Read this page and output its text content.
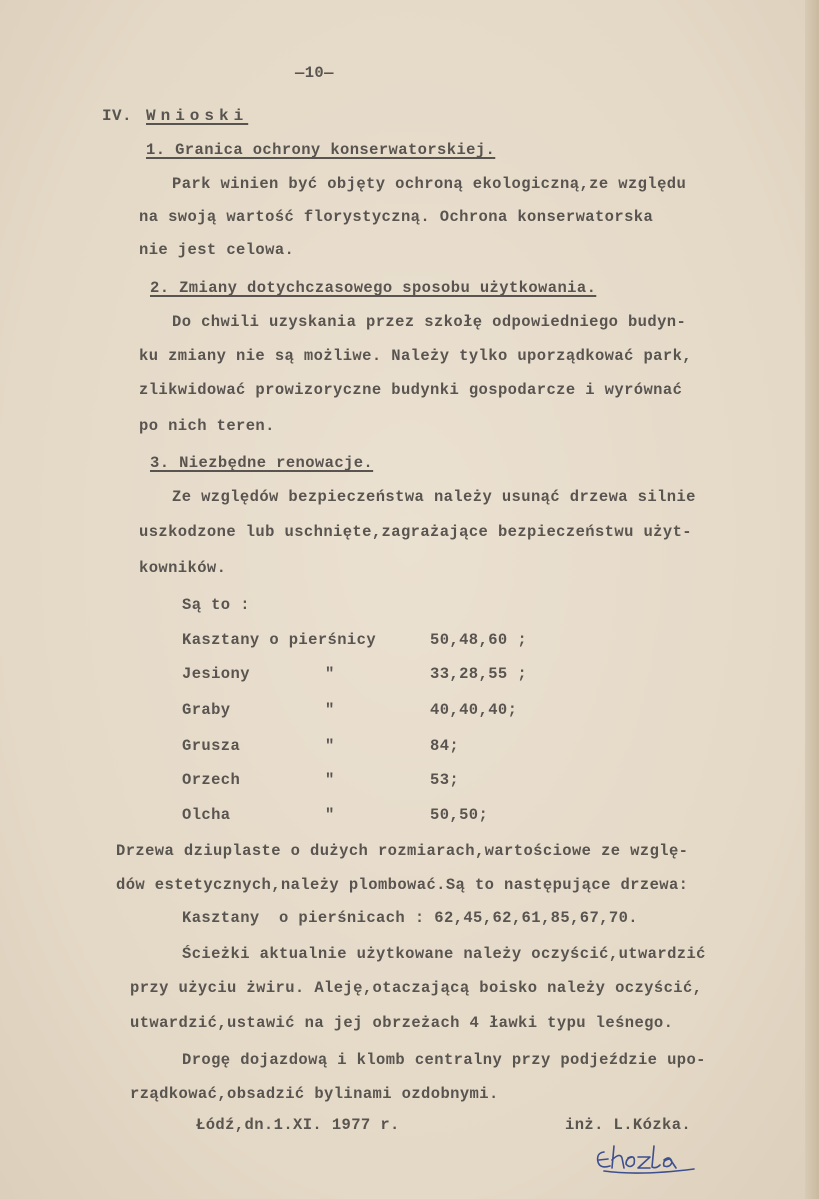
—10—
IV. Wnioski
1. Granica ochrony konserwatorskiej.
Park winien być objęty ochroną ekologiczną,ze względu
na swoją wartość florystyczną. Ochrona konserwatorska
nie jest celowa.
2. Zmiany dotychczasowego sposobu użytkowania.
Do chwili uzyskania przez szkołę odpowiedniego budyn-
ku zmiany nie są możliwe. Należy tylko uporządkować park,
zlikwidować prowizoryczne budynki gospodarcze i wyrównać
po nich teren.
3. Niezbędne renowacje.
Ze względów bezpieczeństwa należy usunąć drzewa silnie
uszkodzone lub uschnięte,zagrażające bezpieczeństwu użyt-
kowników.
Są to :
Kasztany o pierśnicy	50,48,60 ;
Jesiony	"	33,28,55 ;
Graby	"	40,40,40;
Grusza	"	84;
Orzech	"	53;
Olcha	"	50,50;
Drzewa dziuplaste o dużych rozmiarach,wartościowe ze wzglę-
dów estetycznych,należy plombować.Są to następujące drzewa:
Kasztany  o pierśnicach : 62,45,62,61,85,67,70.
Ścieżki aktualnie użytkowane należy oczyścić,utwardzić
przy użyciu żwiru. Aleję,otaczającą boisko należy oczyścić,
utwardzić,ustawić na jej obrzeżach 4 ławki typu leśnego.
Drogę dojazdową i klomb centralny przy podjeździe upo-
rządkować,obsadzić bylinami ozdobnymi.
Łódź,dn.1.XI. 1977 r.	inż. L.Kózka.
